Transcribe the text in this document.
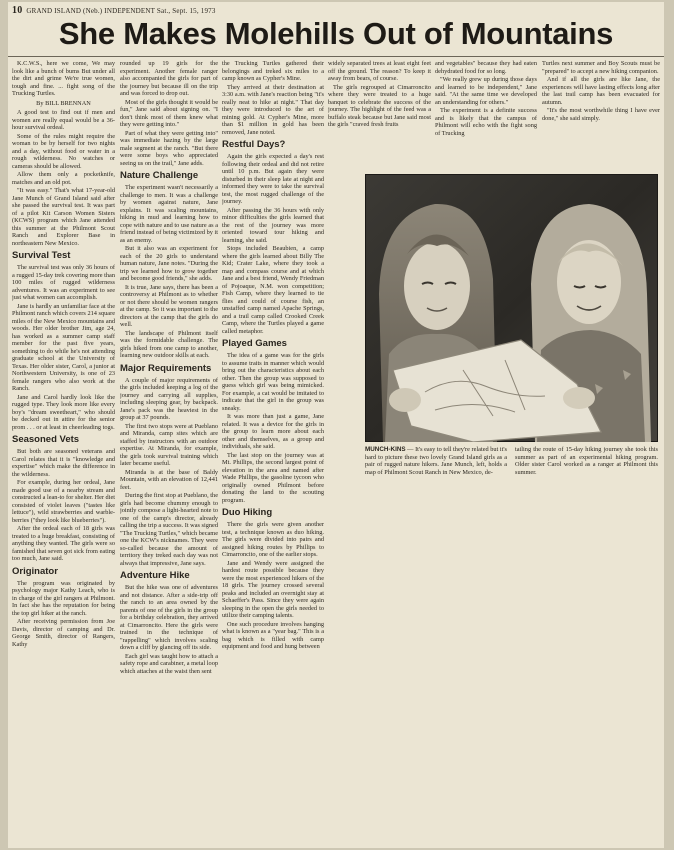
10 GRAND ISLAND (Neb.) INDEPENDENT Sat., Sept. 15, 1973
She Makes Molehills Out of Mountains

K.C.W.S., here we come, We may look like a bunch of bums But under all the dirt and grime We're true women, tough and fine. ... fight song of the Trucking Turtles.

By BILL BRENNAN

A good test to find out if men and women are really equal would be a 36-hour survival ordeal.

Some of the rules might require the woman to be by herself for two nights and a day, without food or water in a rough wilderness. No watches or cameras should be allowed.

Allow them only a pocketknife, matches and an old pot.

"It was easy." That's what 17-year-old Jane Munch of Grand Island said after she passed the survival test. It was part of a pilot Kit Carson Women Sisters (KCWS) program which Jane attended this summer at the Philmont Scout Ranch and Explorer Base in northeastern New Mexico.

Survival Test

The survival test was only 36 hours of a rugged 15-day trek covering more than 100 miles of rugged wilderness adventures. It was an experiment to see just what women can accomplish.

Jane is hardly an unfamiliar face at the Philmont ranch which covers 214 square miles of the New Mexico mountains and woods. Her older brother Jim, age 24, has worked as a summer camp staff member for the past five years, something to do while he's not attending graduate school at the University of Texas. Her older sister, Carol, a junior at Northwestern University, is one of 23 female rangers who also work at the Ranch.

Jane and Carol hardly look like the rugged type. They look more like every boy's "dream sweetheart," who should be decked out in attire for the senior prom . . . or at least in cheerleading togs.

Seasoned Vets

But both are seasoned veterans and Carol relates that it is "knowledge and expertise" which make the difference in the wilderness.

For example, during her ordeal, Jane made good use of a nearby stream and constructed a lean-to for shelter. Her diet consisted of violet leaves ("tastes like lettuce"), wild strawberries and warble-berries ("they look like blueberries").

After the ordeal each of 18 girls was treated to a huge breakfast, consisting of anything they wanted. The girls were so famished that seven got sick from eating too much, Jane said.

Originator

The program was originated by psychology major Kathy Leach, who is in charge of the girl rangers at Philmont. In fact she has the reputation for being the top girl hiker at the ranch.

After receiving permission from Joe Davis, director of camping and Dr. George Smith, director of Rangers, Kathy

rounded up 19 girls for the experiment. Another female ranger also accompanied the girls for part of the journey but because ill on the trip and was forced to drop out.

Most of the girls thought it would be fun," Jane said about signing on. "I don't think most of them knew what they were getting into."

Part of what they were getting into" was immediate hazing by the large male segment at the ranch. "But there were some boys who appreciated seeing us on the trail," Jane adds.

Nature Challenge

The experiment wasn't necessarily a challenge to men. It was a challenge by women against nature, Jane explains. It was scaling mountains, hiking in mud and learning how to cope with nature and to use nature as a friend instead of being victimized by it as an enemy.

But it also was an experiment for each of the 20 girls to understand human nature, Jane notes. "During the trip we learned how to grow together and become good friends," she adds.

It is true, Jane says, there has been a controversy at Philmont as to whether or not there should be women rangers at the camp. So it was important to the directors at the camp that the girls do well.

The landscape of Philmont itself was the formidable challenge. The girls hiked from one camp to another, learning new outdoor skills at each.

Major Requirements

A couple of major requirements of the girls included keeping a log of the journey and carrying all supplies, including sleeping gear, by backpack. Jane's pack was the heaviest in the group at 37 pounds.

The first two stops were at Pueblano and Miranda, camp sites which are staffed by instructors with an outdoor expertise. At Miranda, for example, the girls took survival training which later became useful.

Miranda is at the base of Baldy Mountain, with an elevation of 12,441 feet.

During the first stop at Pueblano, the girls had become chummy enough to jointly compose a light-hearted note to one of the camp's director, already calling the trip a success. It was signed "The Trucking Turtles," which became one the KCW's nicknames. They were so-called because the amount of territory they treked each day was not always that impressive, Jane says.

Adventure Hike

But the hike was one of adventures and not distance. After a side-trip off the ranch to an area owned by the parents of one of the girls in the group for a birthday celebration, they arrived at Cimarroncito. Here the girls were trained in the technique of "rappelling" which involves scaling down a cliff by glancing off its side.

Each girl was taught how to attach a safety rope and carabiner, a metal loop which attaches at the waist then sent

the Trucking Turtles gathered their belongings and treked six miles to a camp known as Cypher's Mine.

They arrived at their destination at 3:30 a.m. with Jane's reaction being "it's really neat to hike at night." That day they were introduced to the art of mining gold. At Cypher's Mine, more than $1 million in gold has been removed, Jane noted.

Restful Days?

Again the girls expected a day's rest following their ordeal and did not retire until 10 p.m. But again they were disturbed in their sleep late at night and informed they were to take the survival test, the most rugged challenge of the journey.

After passing the 36 hours with only minor difficulties the girls learned that the rest of the journey was more oriented toward tour hiking and learning, she said.

Stops included Beaubien, a camp where the girls learned about Billy The Kid; Crater Lake, where they took a map and compass course and at which Jane and a best friend, Wendy Friedman of Pojoaque, N.M. won competition; Fish Camp, where they learned to tie flies and could of course fish, an unstaffed camp named Apache Springs, and a trail camp called Crooked Creek Camp, where the Turtles played a game called metaphor.

Played Games

The idea of a game was for the girls to assume traits in manner which would bring out the characteristics about each other. Then the group was supposed to guess which girl was being mimicked. For example, a cat would be imitated to indicate that the girl in the group was sneaky.

It was more than just a game, Jane related. It was a device for the girls in the group to learn more about each other and themselves, as a group and individuals, she said.

The last stop on the journey was at Mt. Phillips, the second largest point of elevation in the area and named after Wade Phillips, the gasoline tycoon who originally owned Philmont before donating the land to the scouting program.

Duo Hiking

There the girls were given another test, a technique known as duo hiking. The girls were divided into pairs and assigned hiking routes by Phillips to Cimarroncito, one of the earlier stops.

Jane and Wendy were assigned the hardest route possible because they were the most experienced hikers of the 18 girls. The journey crossed several peaks and included an overnight stay at Schaeffer's Pass. Since they were again sleeping in the open the girls needed to utilize their camping talents.

One such procedure involves hanging what is known as a "year bag." This is a bag which is filled with camp equipment and food and hung between

widely separated trees at least eight feet off the ground. The reason? To keep it away from bears, of course.

The girls regrouped at Cimarroncito where they were treated to a huge banquet to celebrate the success of the journey. The highlight of the feed was a buffalo steak because but Jane said most the girls "craved fresh fruits

and vegetables" because they had eaten dehydrated food for so long.

"We really grew up during those days and learned to be independent," Jane said. "At the same time we developed an understanding for others."

The experiment is a definite success and is likely that the campus of Philmont will echo with the fight song of Trucking

Turtles next summer and Boy Scouts must be "prepared" to accept a new hiking companion.

And if all the girls are like Jane, the experiences will have lasting effects long after the last trail camp has been evacuated for autumn.

"It's the most worthwhile thing I have ever done," she said simply.

MUNCH-KINS — It's easy to tell they're related but it's hard to picture these two lovely Grand Island girls as a pair of rugged nature hikers. Jane Munch, left, holds a map of Philmont Scout Ranch in New Mexico, de-
tailing the route of 15-day hiking journey she took this summer as part of an experimental hiking program. Older sister Carol worked as a ranger at Philmont this summer.
